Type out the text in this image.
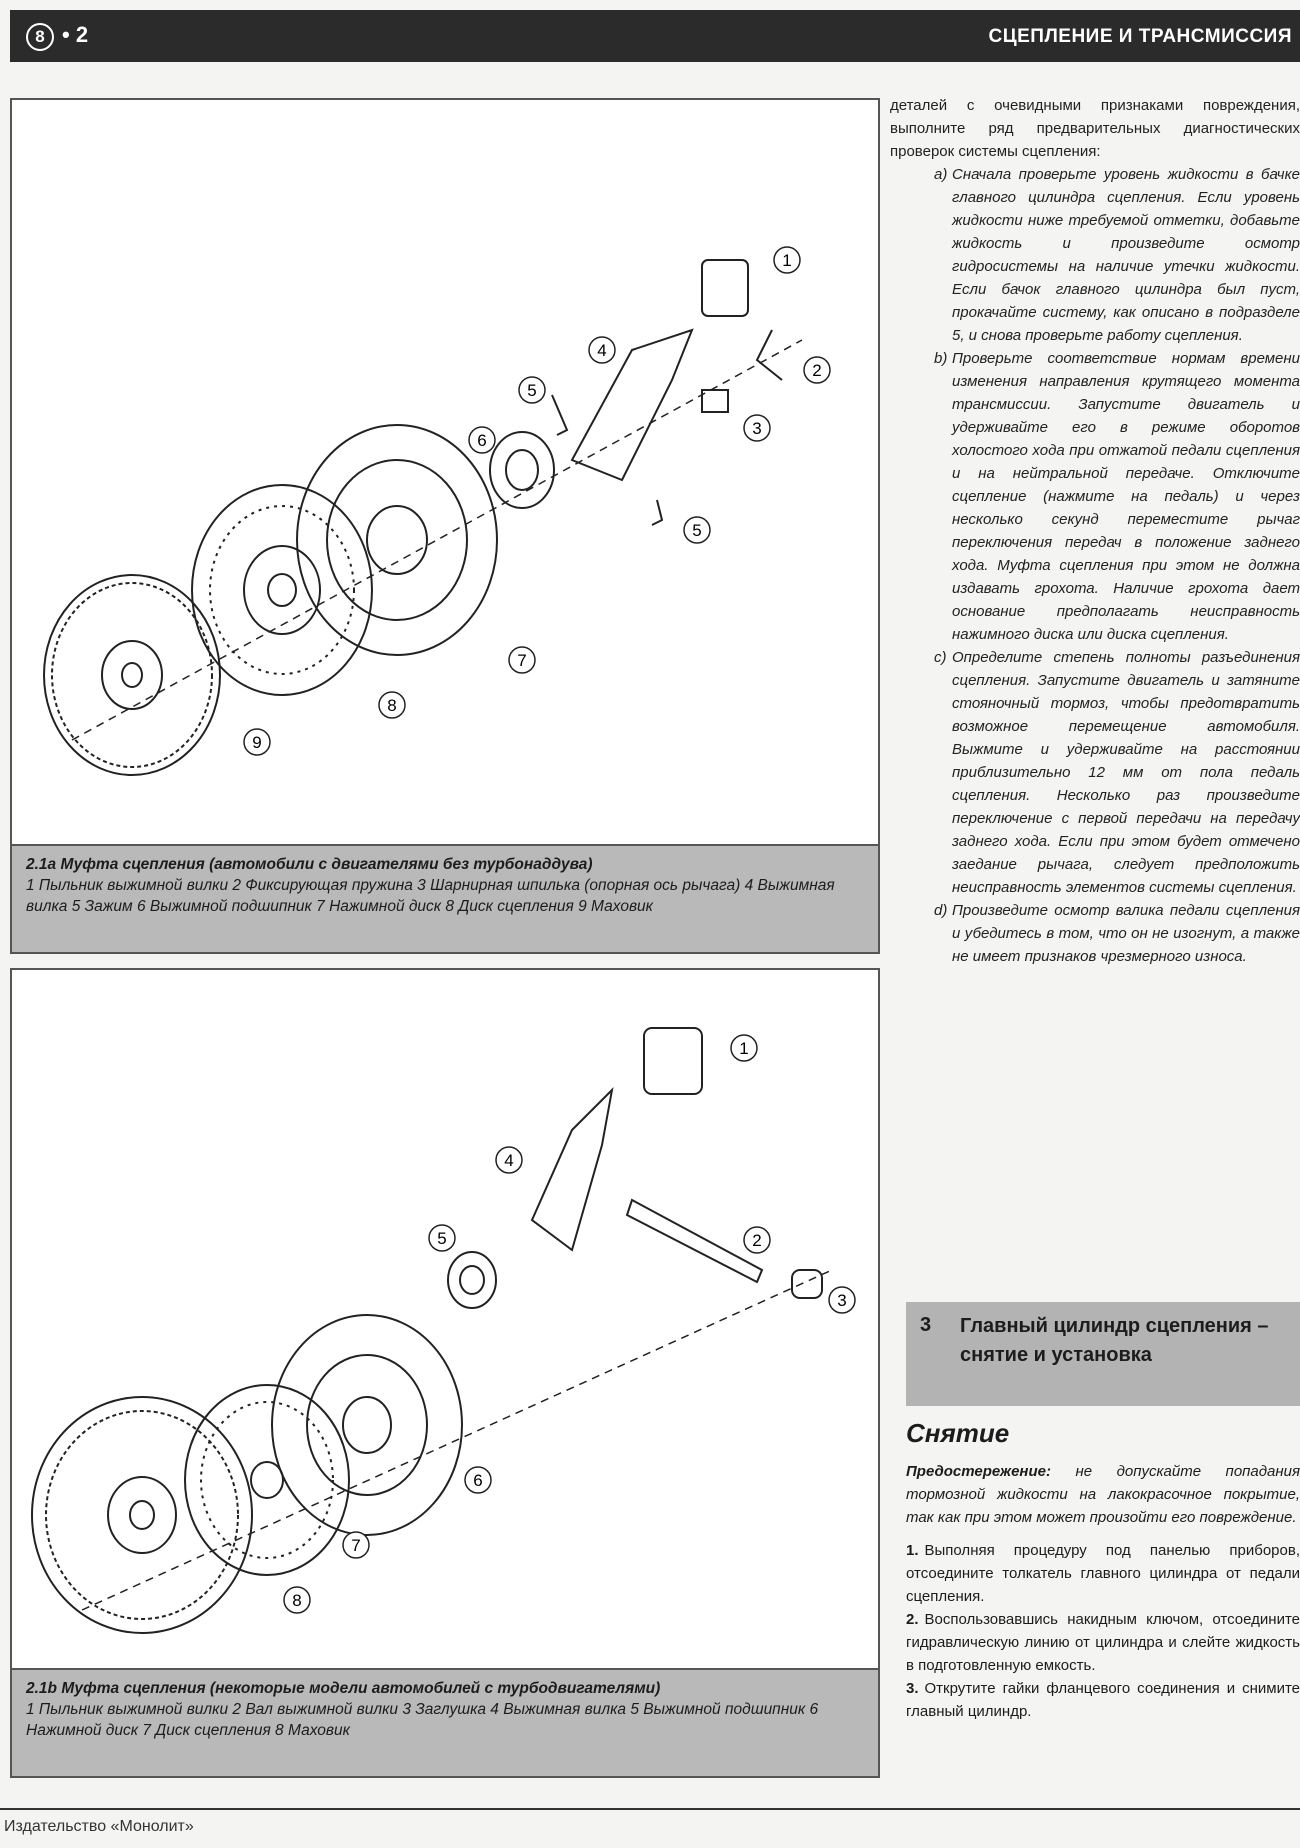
8 • 2	СЦЕПЛЕНИЕ И ТРАНСМИССИЯ
1
2
3
4
5
5
6
7
8
9
2.1a Муфта сцепления (автомобили с двигателями без турбонаддува)
1 Пыльник выжимной вилки 2 Фиксирующая пружина 3 Шарнирная шпилька (опорная ось рычага) 4 Выжимная вилка 5 Зажим 6 Выжимной подшипник 7 Нажимной диск 8 Диск сцепления 9 Маховик
1
2
3
4
5
6
7
8
2.1b Муфта сцепления (некоторые модели автомобилей с турбодвигателями)
1 Пыльник выжимной вилки 2 Вал выжимной вилки 3 Заглушка 4 Выжимная вилка 5 Выжимной подшипник 6 Нажимной диск 7 Диск сцепления 8 Маховик

деталей с очевидными признаками повреждения, выполните ряд предварительных диагностических проверок системы сцепления:

a) Сначала проверьте уровень жидкости в бачке главного цилиндра сцепления. Если уровень жидкости ниже требуемой отметки, добавьте жидкость и произведите осмотр гидросистемы на наличие утечки жидкости. Если бачок главного цилиндра был пуст, прокачайте систему, как описано в подразделе 5, и снова проверьте работу сцепления.
b) Проверьте соответствие нормам времени изменения направления крутящего момента трансмиссии. Запустите двигатель и удерживайте его в режиме оборотов холостого хода при отжатой педали сцепления и на нейтральной передаче. Отключите сцепление (нажмите на педаль) и через несколько секунд переместите рычаг переключения передач в положение заднего хода. Муфта сцепления при этом не должна издавать грохота. Наличие грохота дает основание предполагать неисправность нажимного диска или диска сцепления.
c) Определите степень полноты разъединения сцепления. Запустите двигатель и затяните стояночный тормоз, чтобы предотвратить возможное перемещение автомобиля. Выжмите и удерживайте на расстоянии приблизительно 12 мм от пола педаль сцепления. Несколько раз произведите переключение с первой передачи на передачу заднего хода. Если при этом будет отмечено заедание рычага, следует предположить неисправность элементов системы сцепления.
d) Произведите осмотр валика педали сцепления и убедитесь в том, что он не изогнут, а также не имеет признаков чрезмерного износа.
3 Главный цилиндр сцепления – снятие и установка
Снятие

Предостережение: не допускайте попадания тормозной жидкости на лакокрасочное покрытие, так как при этом может произойти его повреждение.

1. Выполняя процедуру под панелью приборов, отсоедините толкатель главного цилиндра от педали сцепления.

2. Воспользовавшись накидным ключом, отсоедините гидравлическую линию от цилиндра и слейте жидкость в подготовленную емкость.

3. Открутите гайки фланцевого соединения и снимите главный цилиндр.

Издательство «Монолит»
